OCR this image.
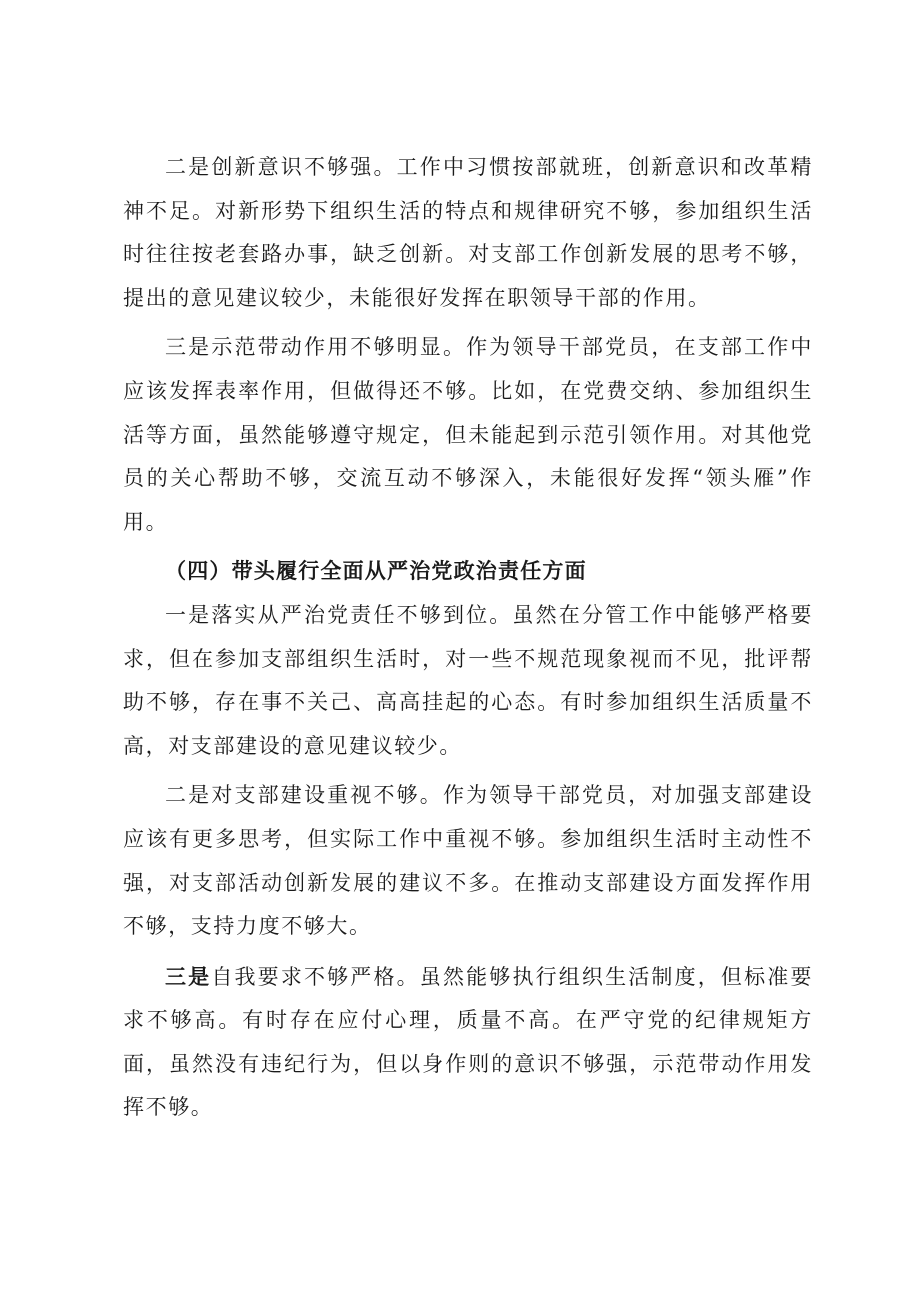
二是创新意识不够强。工作中习惯按部就班，创新意识和改革精神不足。对新形势下组织生活的特点和规律研究不够，参加组织生活时往往按老套路办事，缺乏创新。对支部工作创新发展的思考不够，提出的意见建议较少，未能很好发挥在职领导干部的作用。

三是示范带动作用不够明显。作为领导干部党员，在支部工作中应该发挥表率作用，但做得还不够。比如，在党费交纳、参加组织生活等方面，虽然能够遵守规定，但未能起到示范引领作用。对其他党员的关心帮助不够，交流互动不够深入，未能很好发挥“领头雁”作用。

（四）带头履行全面从严治党政治责任方面

一是落实从严治党责任不够到位。虽然在分管工作中能够严格要求，但在参加支部组织生活时，对一些不规范现象视而不见，批评帮助不够，存在事不关己、高高挂起的心态。有时参加组织生活质量不高，对支部建设的意见建议较少。

二是对支部建设重视不够。作为领导干部党员，对加强支部建设应该有更多思考，但实际工作中重视不够。参加组织生活时主动性不强，对支部活动创新发展的建议不多。在推动支部建设方面发挥作用不够，支持力度不够大。

三是自我要求不够严格。虽然能够执行组织生活制度，但标准要求不够高。有时存在应付心理，质量不高。在严守党的纪律规矩方面，虽然没有违纪行为，但以身作则的意识不够强，示范带动作用发挥不够。
